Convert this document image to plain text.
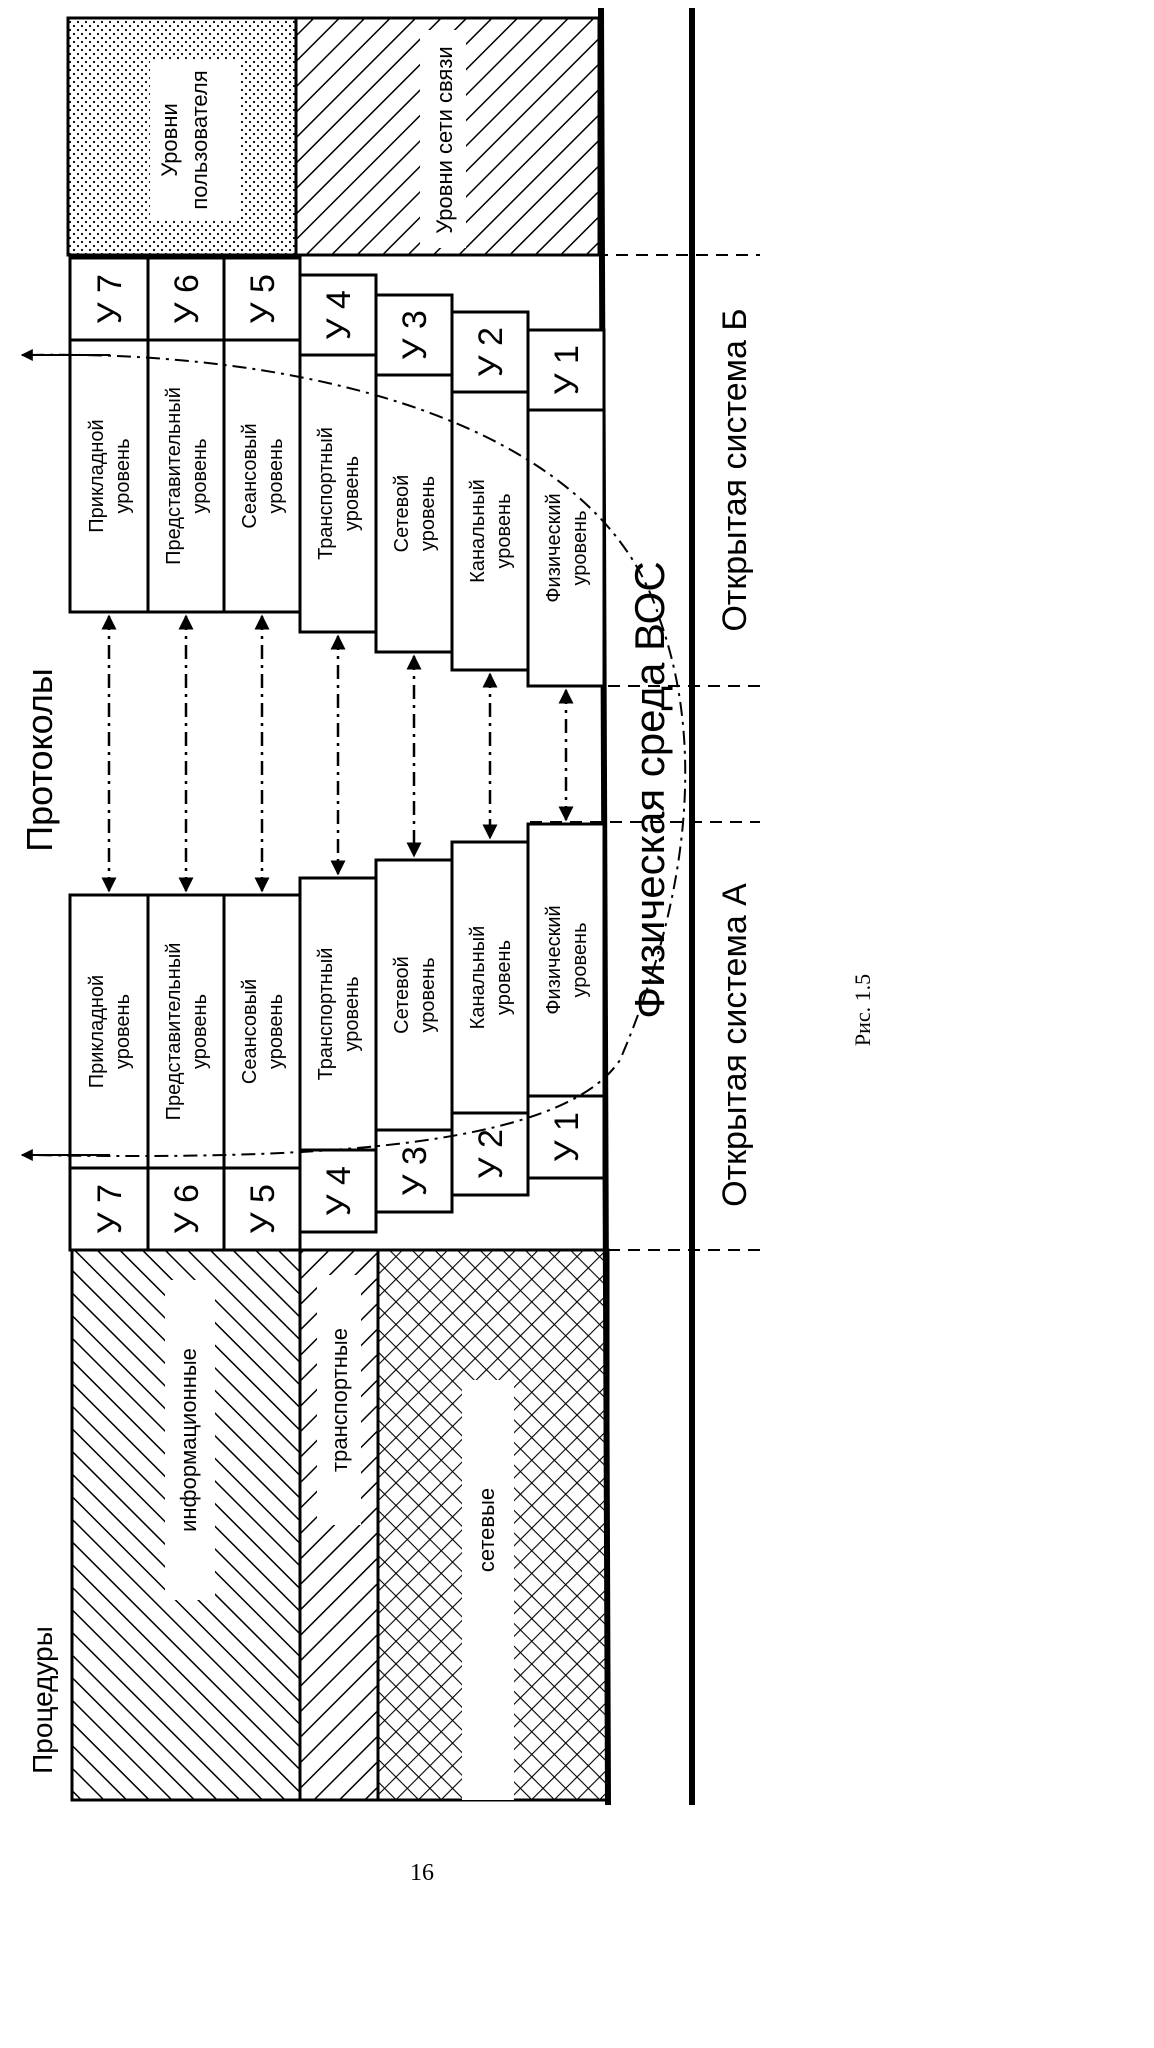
Уровни пользователя	Уровни сети связи
информационные	транспортные
сетевые
У 7
Прикладной уровень
У 6
Представительный уровень
У 5
Сеансовый уровень
У 4
Транспортный уровень
У 3
Сетевой уровень
У 2
Канальный уровень
У 1
Физический уровень
У 7
Прикладной уровень
У 6
Представительный уровень
У 5
Сеансовый уровень
У 4
Транспортный уровень
У 3
Сетевой уровень
У 2
Канальный уровень
У 1
Физический уровень
Протоколы
Процедуры
Физическая среда ВОС
Открытая система Б
Открытая система А	Рис. 1.5
16
